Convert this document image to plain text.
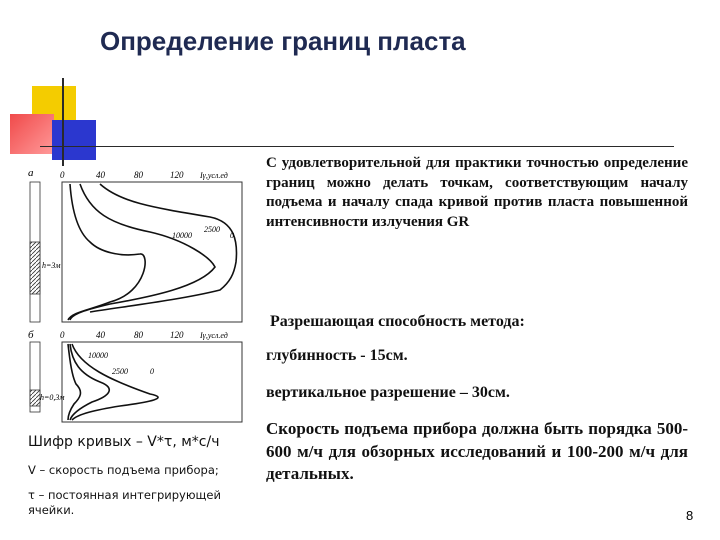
Определение границ пласта
а
h=3м
0	40	80	120 Iγ,усл.ед
10000
2500
0
б
h=0,3м
0	40	80	120 Iγ,усл.ед
10000
2500	0
С удовлетворительной для практики точностью определение границ можно делать точкам, соответствующим началу подъема и началу спада кривой против пласта повышенной интенсивности излучения GR
Разрешающая способность метода:
глубинность - 15см.
вертикальное разрешение – 30см.
Скорость подъема прибора должна быть порядка 500-600 м/ч для обзорных исследований и 100-200 м/ч для детальных.
Шифр кривых – V*τ, м*с/ч
V – скорость подъема прибора;
τ – постоянная интегрирующей ячейки.	8
